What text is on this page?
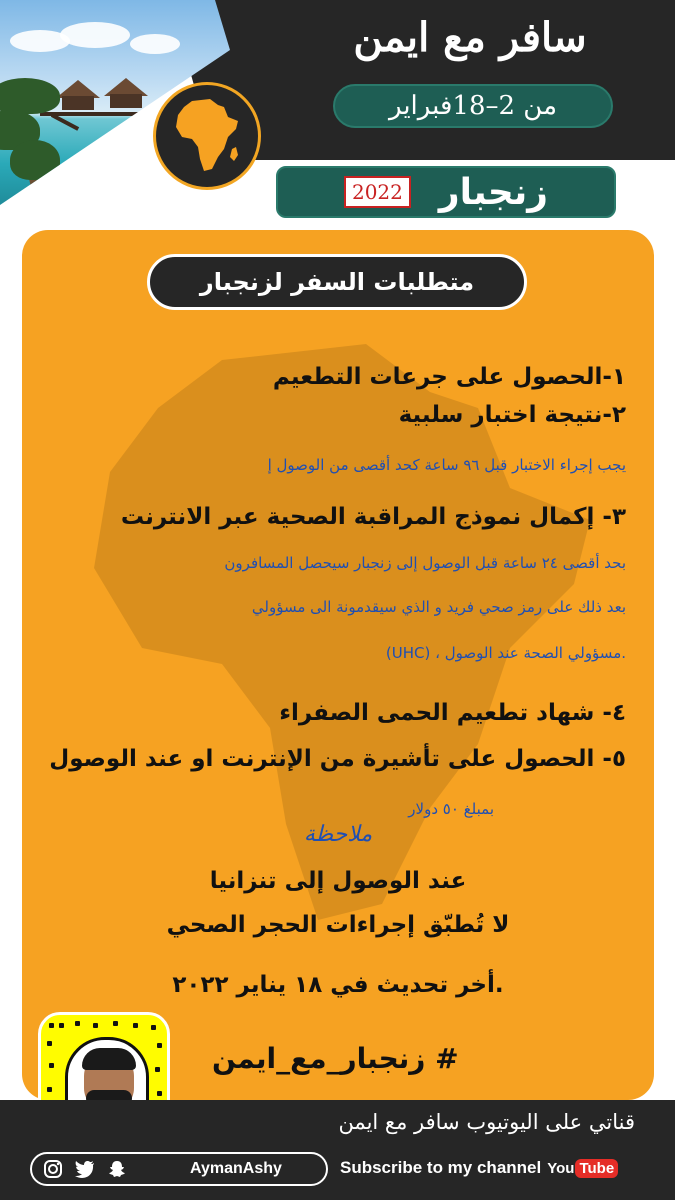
سافر مع ايمن
من 2–18فبراير
زنجبار
2022
متطلبات السفر لزنجبار
١-الحصول على جرعات التطعيم
٢-نتيجة اختبار سلبية
يجب إجراء الاختبار قبل ٩٦ ساعة كحد أقصى من الوصول إ
٣- إكمال نموذج المراقبة الصحية عبر الانترنت
بحد أقصى ٢٤ ساعة قبل الوصول إلى زنجبار سيحصل المسافرون
بعد ذلك على رمز صحي فريد و الذي سيقدمونة الى مسؤولي
.مسؤولي الصحة عند الوصول ، (UHC)
٤- شهاد تطعيم الحمى الصفراء
٥- الحصول على تأشيرة من الإنترنت او عند الوصول
بمبلغ ٥٠ دولار
ملاحظة
عند الوصول إلى تنزانيا
لا تُطبّق إجراءات الحجر الصحي
.أخر تحديث في ١٨ يناير ٢٠٢٢
# زنجبار_مع_ايمن
قناتي على اليوتيوب سافر مع ايمن
AymanAshy	Subscribe to my channel You Tube
